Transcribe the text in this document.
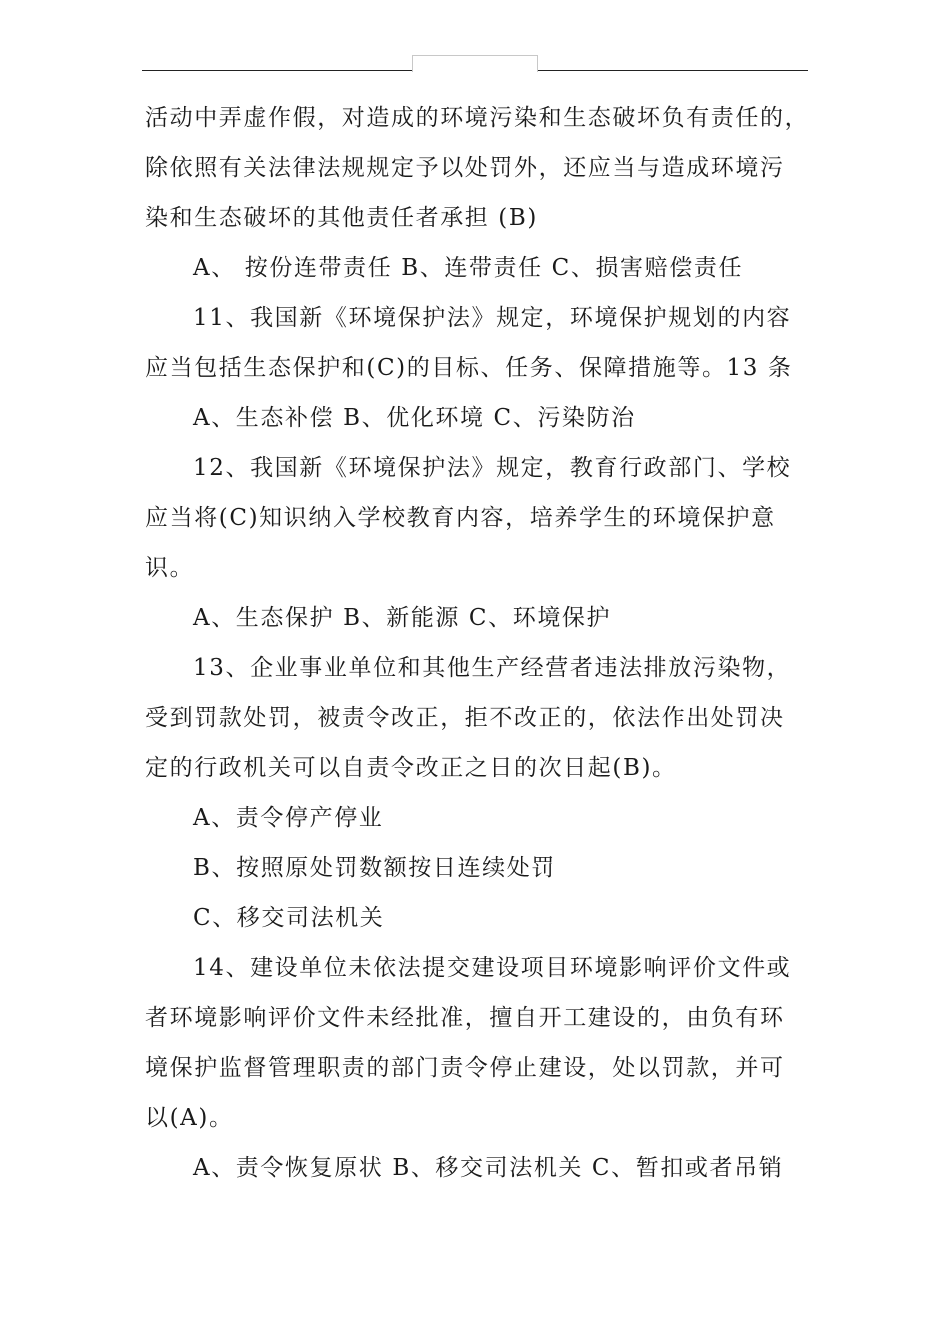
活动中弄虚作假，对造成的环境污染和生态破坏负有责任的，
除依照有关法律法规规定予以处罚外，还应当与造成环境污
染和生态破坏的其他责任者承担 (B)
A、 按份连带责任 B、连带责任 C、损害赔偿责任
11、我国新《环境保护法》规定，环境保护规划的内容
应当包括生态保护和(C)的目标、任务、保障措施等。13 条
A、生态补偿 B、优化环境 C、污染防治
12、我国新《环境保护法》规定，教育行政部门、学校
应当将(C)知识纳入学校教育内容，培养学生的环境保护意
识。
A、生态保护 B、新能源 C、环境保护
13、企业事业单位和其他生产经营者违法排放污染物，
受到罚款处罚，被责令改正，拒不改正的，依法作出处罚决
定的行政机关可以自责令改正之日的次日起(B)。
A、责令停产停业
B、按照原处罚数额按日连续处罚
C、移交司法机关
14、建设单位未依法提交建设项目环境影响评价文件或
者环境影响评价文件未经批准，擅自开工建设的，由负有环
境保护监督管理职责的部门责令停止建设，处以罚款，并可
以(A)。
A、责令恢复原状 B、移交司法机关 C、暂扣或者吊销
